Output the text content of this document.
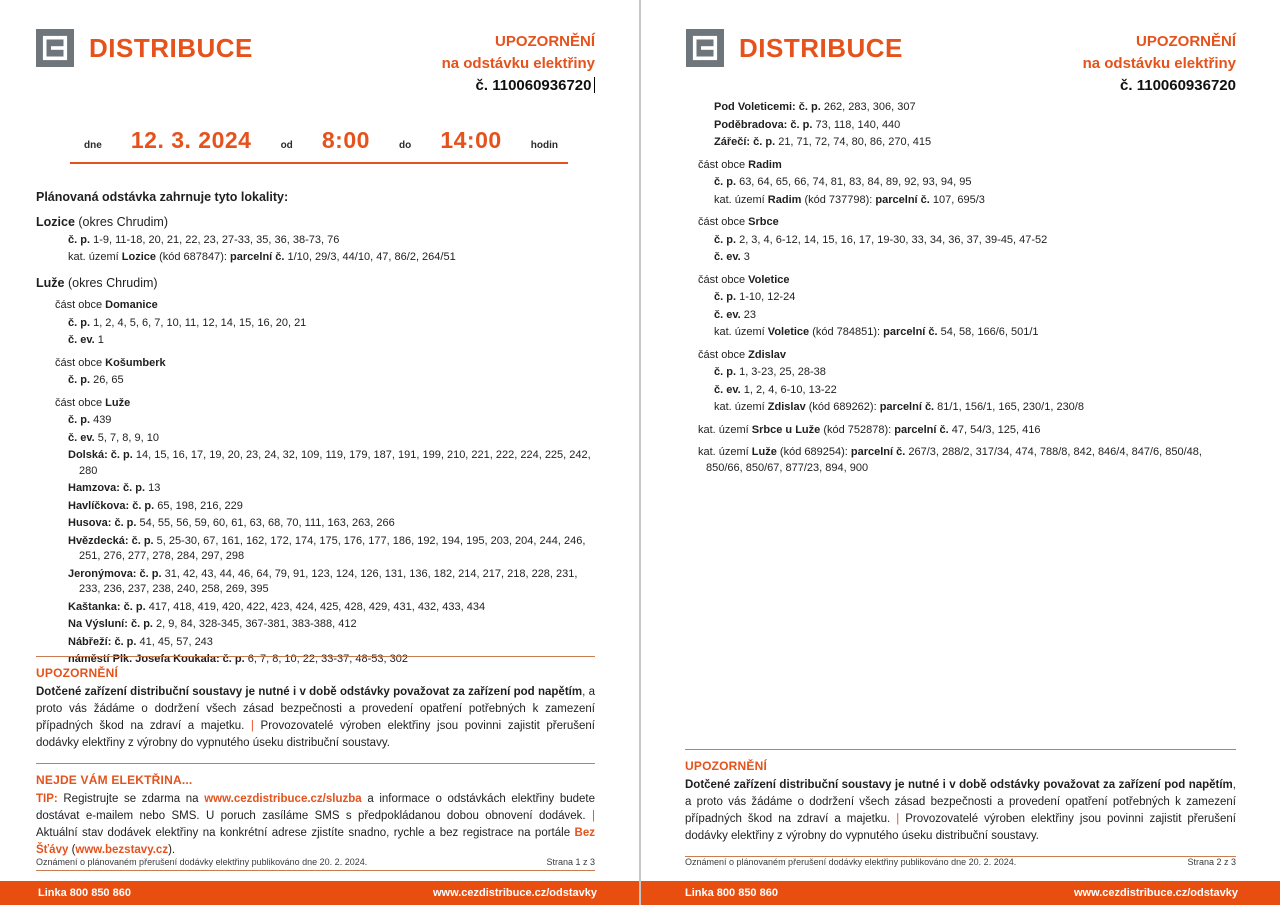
DISTRIBUCE	UPOZORNĚNÍ
na odstávku elektřiny
č. 110060936720
dne 12. 3. 2024	od 8:00	do 14:00	hodin
Plánovaná odstávka zahrnuje tyto lokality:
Lozice (okres Chrudim)
č. p. 1-9, 11-18, 20, 21, 22, 23, 27-33, 35, 36, 38-73, 76
kat. území Lozice (kód 687847): parcelní č. 1/10, 29/3, 44/10, 47, 86/2, 264/51
Luže (okres Chrudim)
část obce Domanice
č. p. 1, 2, 4, 5, 6, 7, 10, 11, 12, 14, 15, 16, 20, 21
č. ev. 1
část obce Košumberk
č. p. 26, 65
část obce Luže
č. p. 439
č. ev. 5, 7, 8, 9, 10
Dolská: č. p. 14, 15, 16, 17, 19, 20, 23, 24, 32, 109, 119, 179, 187, 191, 199, 210, 221, 222, 224, 225, 242, 280
Hamzova: č. p. 13
Havlíčkova: č. p. 65, 198, 216, 229
Husova: č. p. 54, 55, 56, 59, 60, 61, 63, 68, 70, 111, 163, 263, 266
Hvězdecká: č. p. 5, 25-30, 67, 161, 162, 172, 174, 175, 176, 177, 186, 192, 194, 195, 203, 204, 244, 246, 251, 276, 277, 278, 284, 297, 298
Jeronýmova: č. p. 31, 42, 43, 44, 46, 64, 79, 91, 123, 124, 126, 131, 136, 182, 214, 217, 218, 228, 231, 233, 236, 237, 238, 240, 258, 269, 395
Kaštanka: č. p. 417, 418, 419, 420, 422, 423, 424, 425, 428, 429, 431, 432, 433, 434
Na Výsluní: č. p. 2, 9, 84, 328-345, 367-381, 383-388, 412
Nábřeží: č. p. 41, 45, 57, 243
náměstí Plk. Josefa Koukala: č. p. 6, 7, 8, 10, 22, 33-37, 48-53, 302
UPOZORNĚNÍ

Dotčené zařízení distribuční soustavy je nutné i v době odstávky považovat za zařízení pod napětím, a proto vás žádáme o dodržení všech zásad bezpečnosti a provedení opatření potřebných k zamezení případných škod na zdraví a majetku. | Provozovatelé výroben elektřiny jsou povinni zajistit přerušení dodávky elektřiny z výrobny do vypnutého úseku distribuční soustavy.

NEJDE VÁM ELEKTŘINA...

TIP: Registrujte se zdarma na www.cezdistribuce.cz/sluzba a informace o odstávkách elektřiny budete dostávat e-mailem nebo SMS. U poruch zasíláme SMS s předpokládanou dobou obnovení dodávek. | Aktuální stav dodávek elektřiny na konkrétní adrese zjistíte snadno, rychle a bez registrace na portále Bez Šťávy (www.bezstavy.cz).

Oznámení o plánovaném přerušení dodávky elektřiny publikováno dne 20. 2. 2024.	Strana 1 z 3
Linka 800 850 860	www.cezdistribuce.cz/odstavky
DISTRIBUCE	UPOZORNĚNÍ
na odstávku elektřiny
č. 110060936720
Pod Voleticemi: č. p. 262, 283, 306, 307
Poděbradova: č. p. 73, 118, 140, 440
Zářečí: č. p. 21, 71, 72, 74, 80, 86, 270, 415
část obce Radim
č. p. 63, 64, 65, 66, 74, 81, 83, 84, 89, 92, 93, 94, 95
kat. území Radim (kód 737798): parcelní č. 107, 695/3
část obce Srbce
č. p. 2, 3, 4, 6-12, 14, 15, 16, 17, 19-30, 33, 34, 36, 37, 39-45, 47-52
č. ev. 3
část obce Voletice
č. p. 1-10, 12-24
č. ev. 23
kat. území Voletice (kód 784851): parcelní č. 54, 58, 166/6, 501/1
část obce Zdislav
č. p. 1, 3-23, 25, 28-38
č. ev. 1, 2, 4, 6-10, 13-22
kat. území Zdislav (kód 689262): parcelní č. 81/1, 156/1, 165, 230/1, 230/8
kat. území Srbce u Luže (kód 752878): parcelní č. 47, 54/3, 125, 416
kat. území Luže (kód 689254): parcelní č. 267/3, 288/2, 317/34, 474, 788/8, 842, 846/4, 847/6, 850/48, 850/66, 850/67, 877/23, 894, 900
UPOZORNĚNÍ

Dotčené zařízení distribuční soustavy je nutné i v době odstávky považovat za zařízení pod napětím, a proto vás žádáme o dodržení všech zásad bezpečnosti a provedení opatření potřebných k zamezení případných škod na zdraví a majetku. | Provozovatelé výroben elektřiny jsou povinni zajistit přerušení dodávky elektřiny z výrobny do vypnutého úseku distribuční soustavy.

Oznámení o plánovaném přerušení dodávky elektřiny publikováno dne 20. 2. 2024.	Strana 2 z 3
Linka 800 850 860	www.cezdistribuce.cz/odstavky
